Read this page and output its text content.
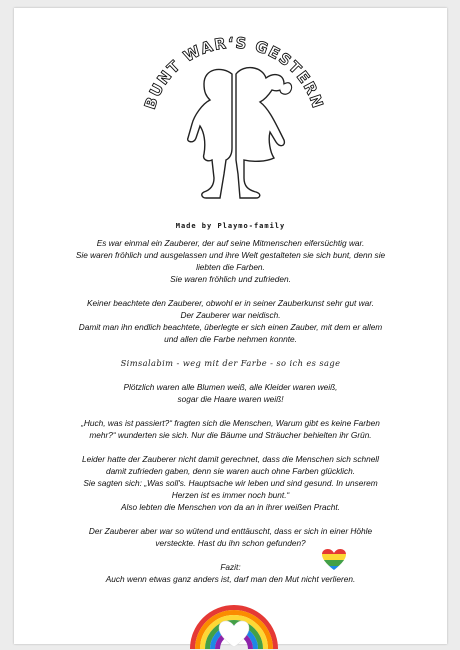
BUNT WAR‘S GESTERN
Made by Playmo-family

Es war einmal ein Zauberer, der auf seine Mitmenschen eifersüchtig war.
Sie waren fröhlich und ausgelassen und ihre Welt gestalteten sie sich bunt, denn sie
liebten die Farben.
Sie waren fröhlich und zufrieden.

Keiner beachtete den Zauberer, obwohl er in seiner Zauberkunst sehr gut war.
Der Zauberer war neidisch.
Damit man ihn endlich beachtete, überlegte er sich einen Zauber, mit dem er allem
und allen die Farbe nehmen konnte.

Simsalabim - weg mit der Farbe - so ich es sage

Plötzlich waren alle Blumen weiß, alle Kleider waren weiß,
sogar die Haare waren weiß!

„Huch, was ist passiert?“ fragten sich die Menschen, Warum gibt es keine Farben
mehr?“ wunderten sie sich. Nur die Bäume und Sträucher behielten ihr Grün.

Leider hatte der Zauberer nicht damit gerechnet, dass die Menschen sich schnell
damit zufrieden gaben, denn sie waren auch ohne Farben glücklich.
Sie sagten sich: „Was soll's. Hauptsache wir leben und sind gesund. In unserem
Herzen ist es immer noch bunt.“
Also lebten die Menschen von da an in ihrer weißen Pracht.

Der Zauberer aber war so wütend und enttäuscht, dass er sich in einer Höhle
versteckte. Hast du ihn schon gefunden?

Fazit:
Auch wenn etwas ganz anders ist, darf man den Mut nicht verlieren.
